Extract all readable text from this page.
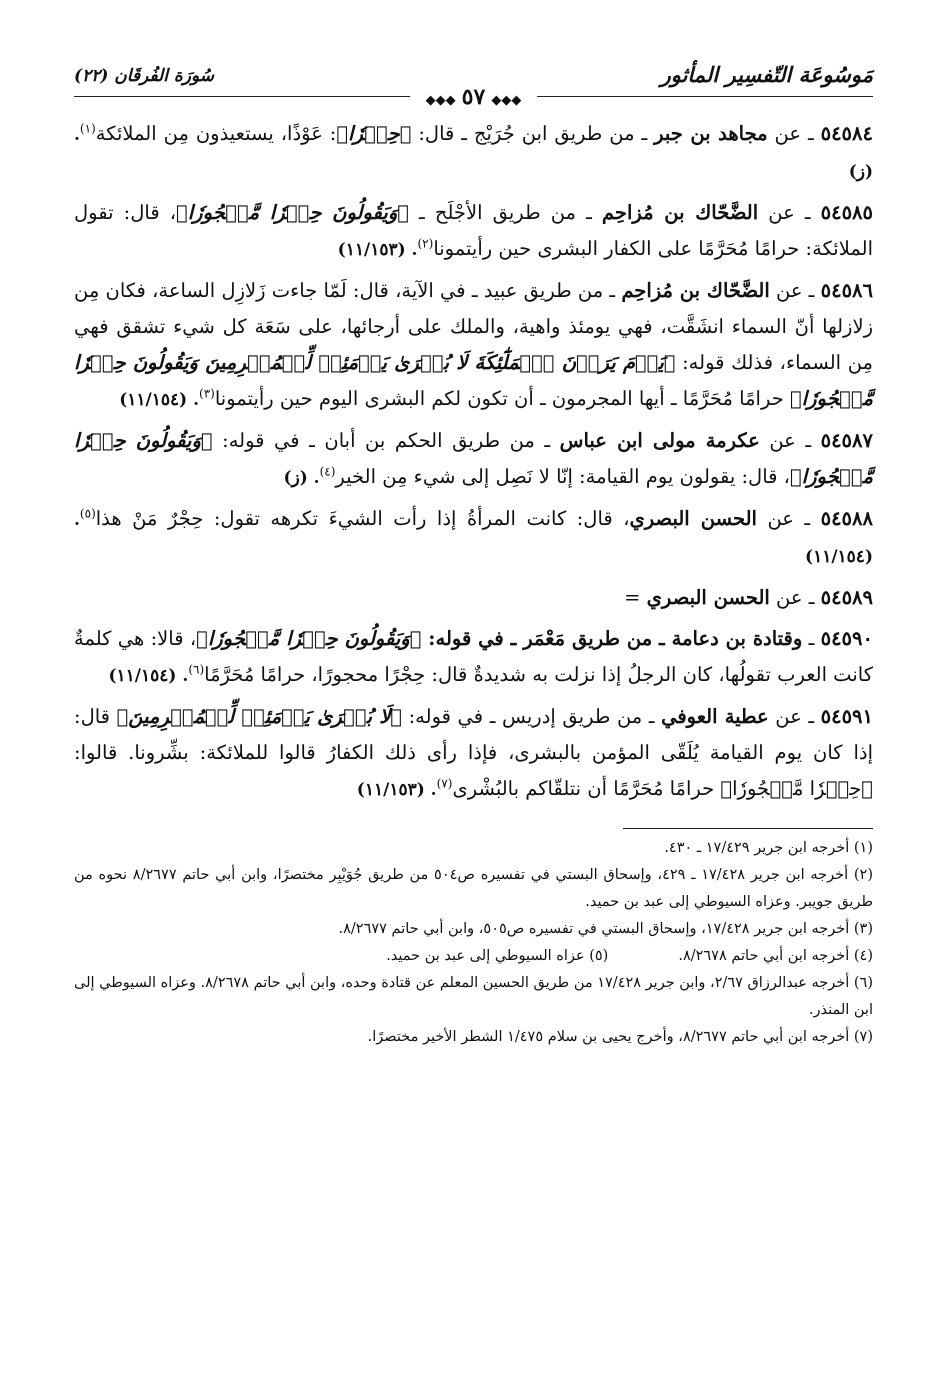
مَوسُوعَة التّفسِير المأثور
◆◆◆٥٧◆◆◆
سُورَة الفُرقَان (٢٢)

٥٤٥٨٤ ـ عن مجاهد بن جبر ـ من طريق ابن جُرَيْج ـ قال: ﴿حِجۡرٗا﴾: عَوْذًا، يستعيذون مِن الملائكة$^{(١)}$. (ز)

٥٤٥٨٥ ـ عن الضَّحّاك بن مُزاحِم ـ من طريق الأجْلَح ـ ﴿وَيَقُولُونَ حِجۡرٗا مَّحۡجُورٗا﴾، قال: تقول الملائكة: حرامًا مُحَرَّمًا على الكفار البشرى حين رأيتمونا$^{(٢)}$. (١١/١٥٣)

٥٤٥٨٦ ـ عن الضَّحّاك بن مُزاحِم ـ من طريق عبيد ـ في الآية، قال: لَمّا جاءت زَلازِل الساعة، فكان مِن زلازلها أنّ السماء انشَقَّت، فهي يومئذ واهية، والملك على أرجائها، على سَعَة كل شيء تشقق فهي مِن السماء، فذلك قوله: ﴿يَوۡمَ يَرَوۡنَ ٱلۡمَلَٰٓئِكَةَ لَا بُشۡرَىٰ يَوۡمَئِذٖ لِّلۡمُجۡرِمِينَ وَيَقُولُونَ حِجۡرٗا مَّحۡجُورٗا﴾ حرامًا مُحَرَّمًا ـ أيها المجرمون ـ أن تكون لكم البشرى اليوم حين رأيتمونا$^{(٣)}$. (١١/١٥٤)

٥٤٥٨٧ ـ عن عكرمة مولى ابن عباس ـ من طريق الحكم بن أبان ـ في قوله: ﴿وَيَقُولُونَ حِجۡرٗا مَّحۡجُورٗا﴾، قال: يقولون يوم القيامة: إنّا لا نَصِل إلى شيء مِن الخير$^{(٤)}$. (ز)

٥٤٥٨٨ ـ عن الحسن البصري، قال: كانت المرأةُ إذا رأت الشيءَ تكرهه تقول: حِجْرٌ مَنْ هذا$^{(٥)}$. (١١/١٥٤)

٥٤٥٨٩ ـ عن الحسن البصري =

٥٤٥٩٠ ـ وقتادة بن دعامة ـ من طريق مَعْمَر ـ في قوله: ﴿وَيَقُولُونَ حِجۡرٗا مَّحۡجُورٗا﴾، قالا: هي كلمةٌ كانت العرب تقولُها، كان الرجلُ إذا نزلت به شديدةٌ قال: حِجْرًا محجورًا، حرامًا مُحَرَّمًا$^{(٦)}$. (١١/١٥٤)

٥٤٥٩١ ـ عن عطية العوفي ـ من طريق إدريس ـ في قوله: ﴿لَا بُشۡرَىٰ يَوۡمَئِذٖ لِّلۡمُجۡرِمِينَ﴾ قال: إذا كان يوم القيامة يُلَقّى المؤمن بالبشرى، فإذا رأى ذلك الكفارُ قالوا للملائكة: بشِّرونا. قالوا: ﴿حِجۡرٗا مَّحۡجُورٗا﴾ حرامًا مُحَرَّمًا أن نتلقّاكم بالبُشْرى$^{(٧)}$. (١١/١٥٣)

(١) أخرجه ابن جرير ١٧/٤٢٩ ـ ٤٣٠.

(٢) أخرجه ابن جرير ١٧/٤٢٨ ـ ٤٢٩، وإسحاق البستي في تفسيره ص٥٠٤ من طريق جُوَيْبِر مختصرًا، وابن أبي حاتم ٨/٢٦٧٧ نحوه من طريق جويبر. وعزاه السيوطي إلى عبد بن حميد.

(٣) أخرجه ابن جرير ١٧/٤٢٨، وإسحاق البستي في تفسيره ص٥٠٥، وابن أبي حاتم ٨/٢٦٧٧.

(٤) أخرجه ابن أبي حاتم ٨/٢٦٧٨.
(٥) عزاه السيوطي إلى عبد بن حميد.

(٦) أخرجه عبدالرزاق ٢/٦٧، وابن جرير ١٧/٤٢٨ من طريق الحسين المعلم عن قتادة وحده، وابن أبي حاتم ٨/٢٦٧٨. وعزاه السيوطي إلى ابن المنذر.

(٧) أخرجه ابن أبي حاتم ٨/٢٦٧٧، وأخرج يحيى بن سلام ١/٤٧٥ الشطر الأخير مختصرًا.
